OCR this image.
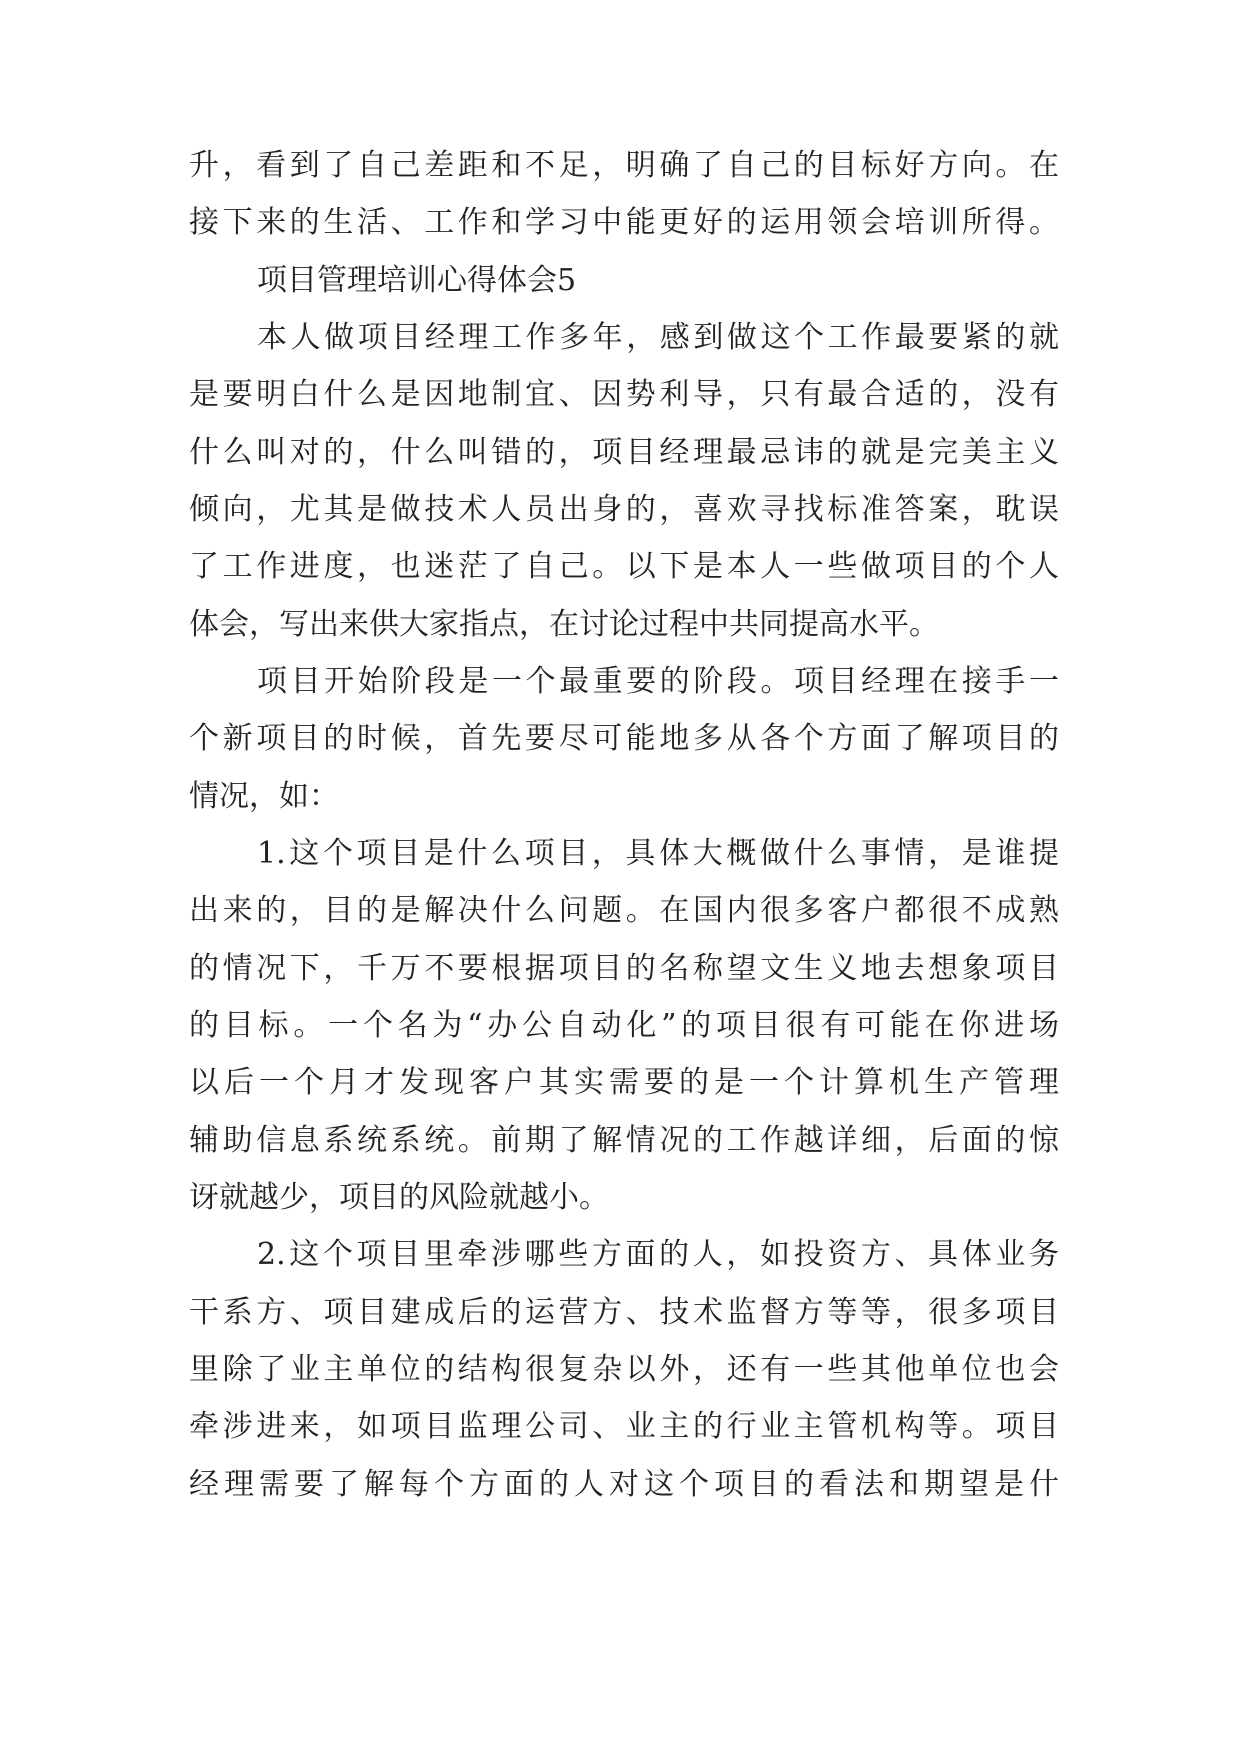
升，看到了自己差距和不足，明确了自己的目标好方向。在
接下来的生活、工作和学习中能更好的运用领会培训所得。
项目管理培训心得体会5
本人做项目经理工作多年，感到做这个工作最要紧的就
是要明白什么是因地制宜、因势利导，只有最合适的，没有
什么叫对的，什么叫错的，项目经理最忌讳的就是完美主义
倾向，尤其是做技术人员出身的，喜欢寻找标准答案，耽误
了工作进度，也迷茫了自己。以下是本人一些做项目的个人
体会，写出来供大家指点，在讨论过程中共同提高水平。
项目开始阶段是一个最重要的阶段。项目经理在接手一
个新项目的时候，首先要尽可能地多从各个方面了解项目的
情况，如：
1.这个项目是什么项目，具体大概做什么事情，是谁提
出来的，目的是解决什么问题。在国内很多客户都很不成熟
的情况下，千万不要根据项目的名称望文生义地去想象项目
的目标。一个名为“办公自动化”的项目很有可能在你进场
以后一个月才发现客户其实需要的是一个计算机生产管理
辅助信息系统系统。前期了解情况的工作越详细，后面的惊
讶就越少，项目的风险就越小。
2.这个项目里牵涉哪些方面的人，如投资方、具体业务
干系方、项目建成后的运营方、技术监督方等等，很多项目
里除了业主单位的结构很复杂以外，还有一些其他单位也会
牵涉进来，如项目监理公司、业主的行业主管机构等。项目
经理需要了解每个方面的人对这个项目的看法和期望是什
